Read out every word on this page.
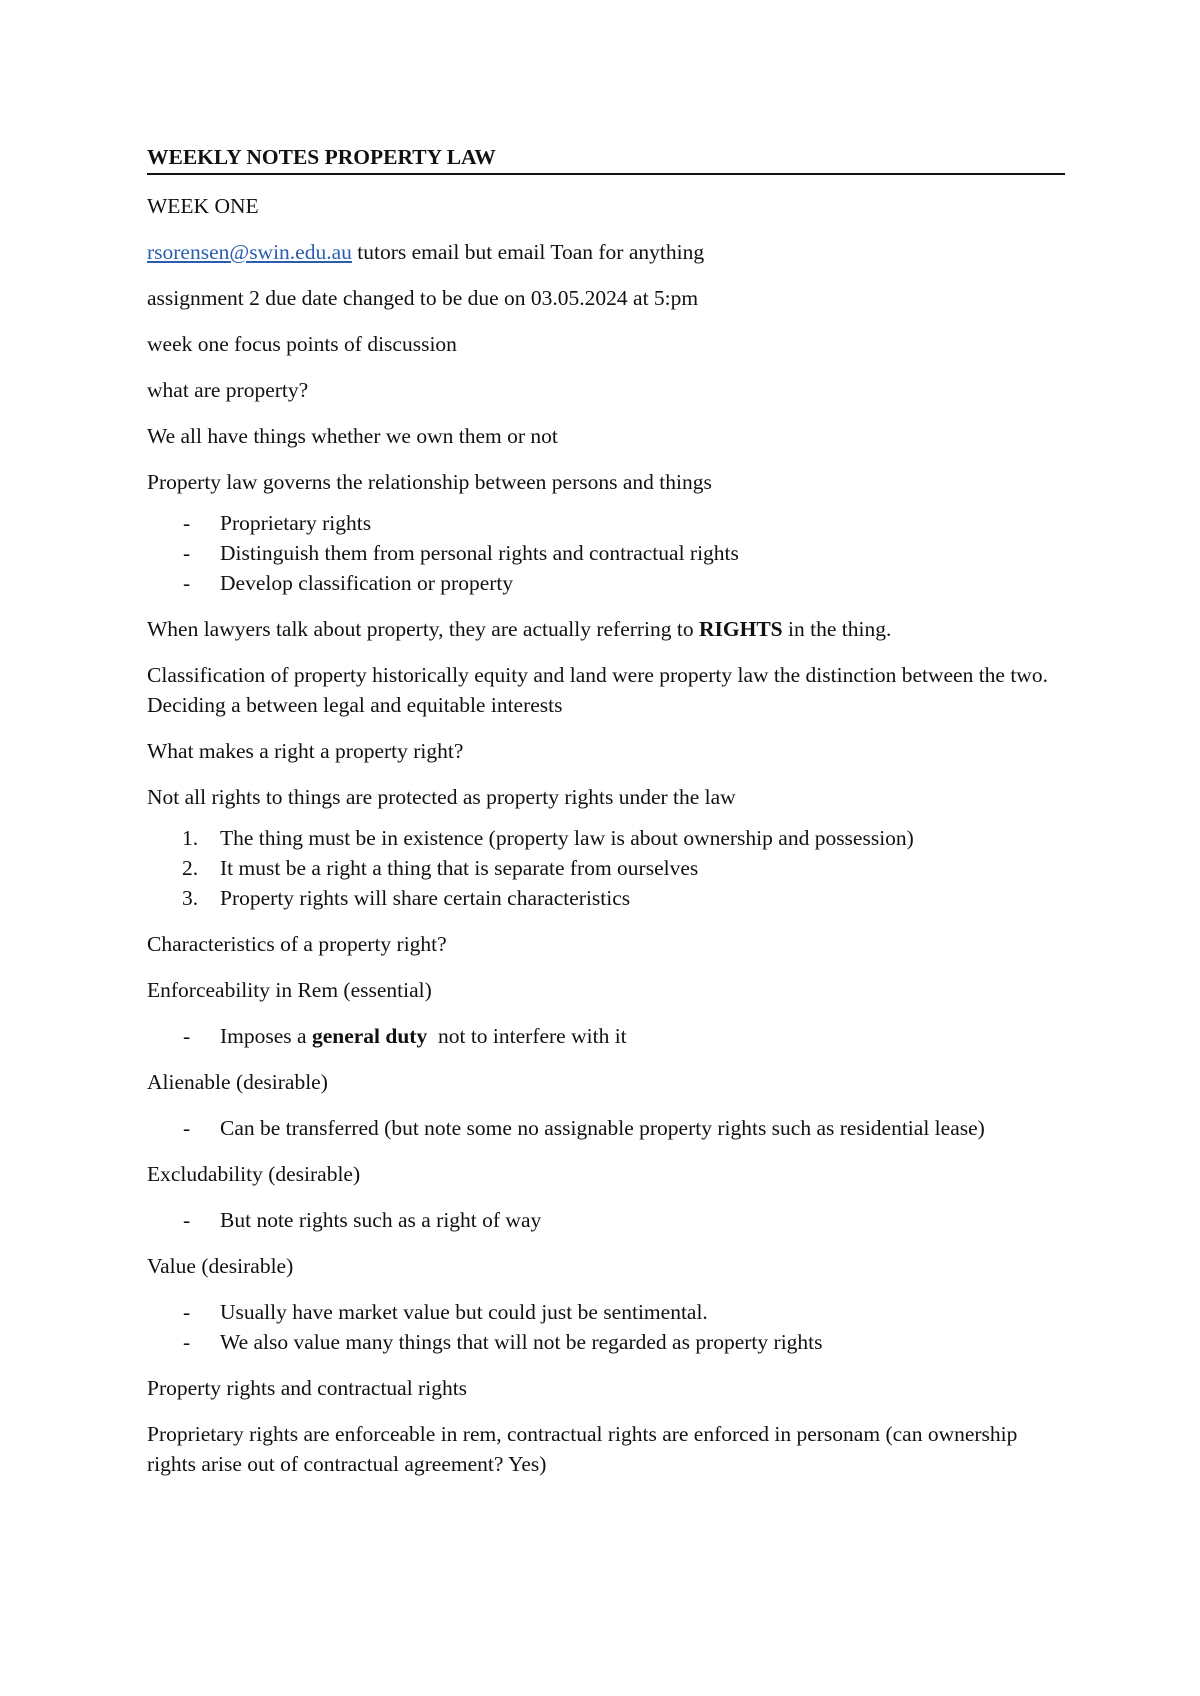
WEEKLY NOTES PROPERTY LAW

WEEK ONE

rsorensen@swin.edu.au tutors email but email Toan for anything

assignment 2 due date changed to be due on 03.05.2024 at 5:pm

week one focus points of discussion

what are property?

We all have things whether we own them or not

Property law governs the relationship between persons and things

- Proprietary rights
- Distinguish them from personal rights and contractual rights
- Develop classification or property

When lawyers talk about property, they are actually referring to RIGHTS in the thing.

Classification of property historically equity and land were property law the distinction between the two. Deciding a between legal and equitable interests

What makes a right a property right?

Not all rights to things are protected as property rights under the law

1. The thing must be in existence (property law is about ownership and possession)
2. It must be a right a thing that is separate from ourselves
3. Property rights will share certain characteristics

Characteristics of a property right?

Enforceability in Rem (essential)

- Imposes a general duty  not to interfere with it

Alienable (desirable)

- Can be transferred (but note some no assignable property rights such as residential lease)

Excludability (desirable)

- But note rights such as a right of way

Value (desirable)

- Usually have market value but could just be sentimental.
- We also value many things that will not be regarded as property rights

Property rights and contractual rights

Proprietary rights are enforceable in rem, contractual rights are enforced in personam (can ownership rights arise out of contractual agreement? Yes)
